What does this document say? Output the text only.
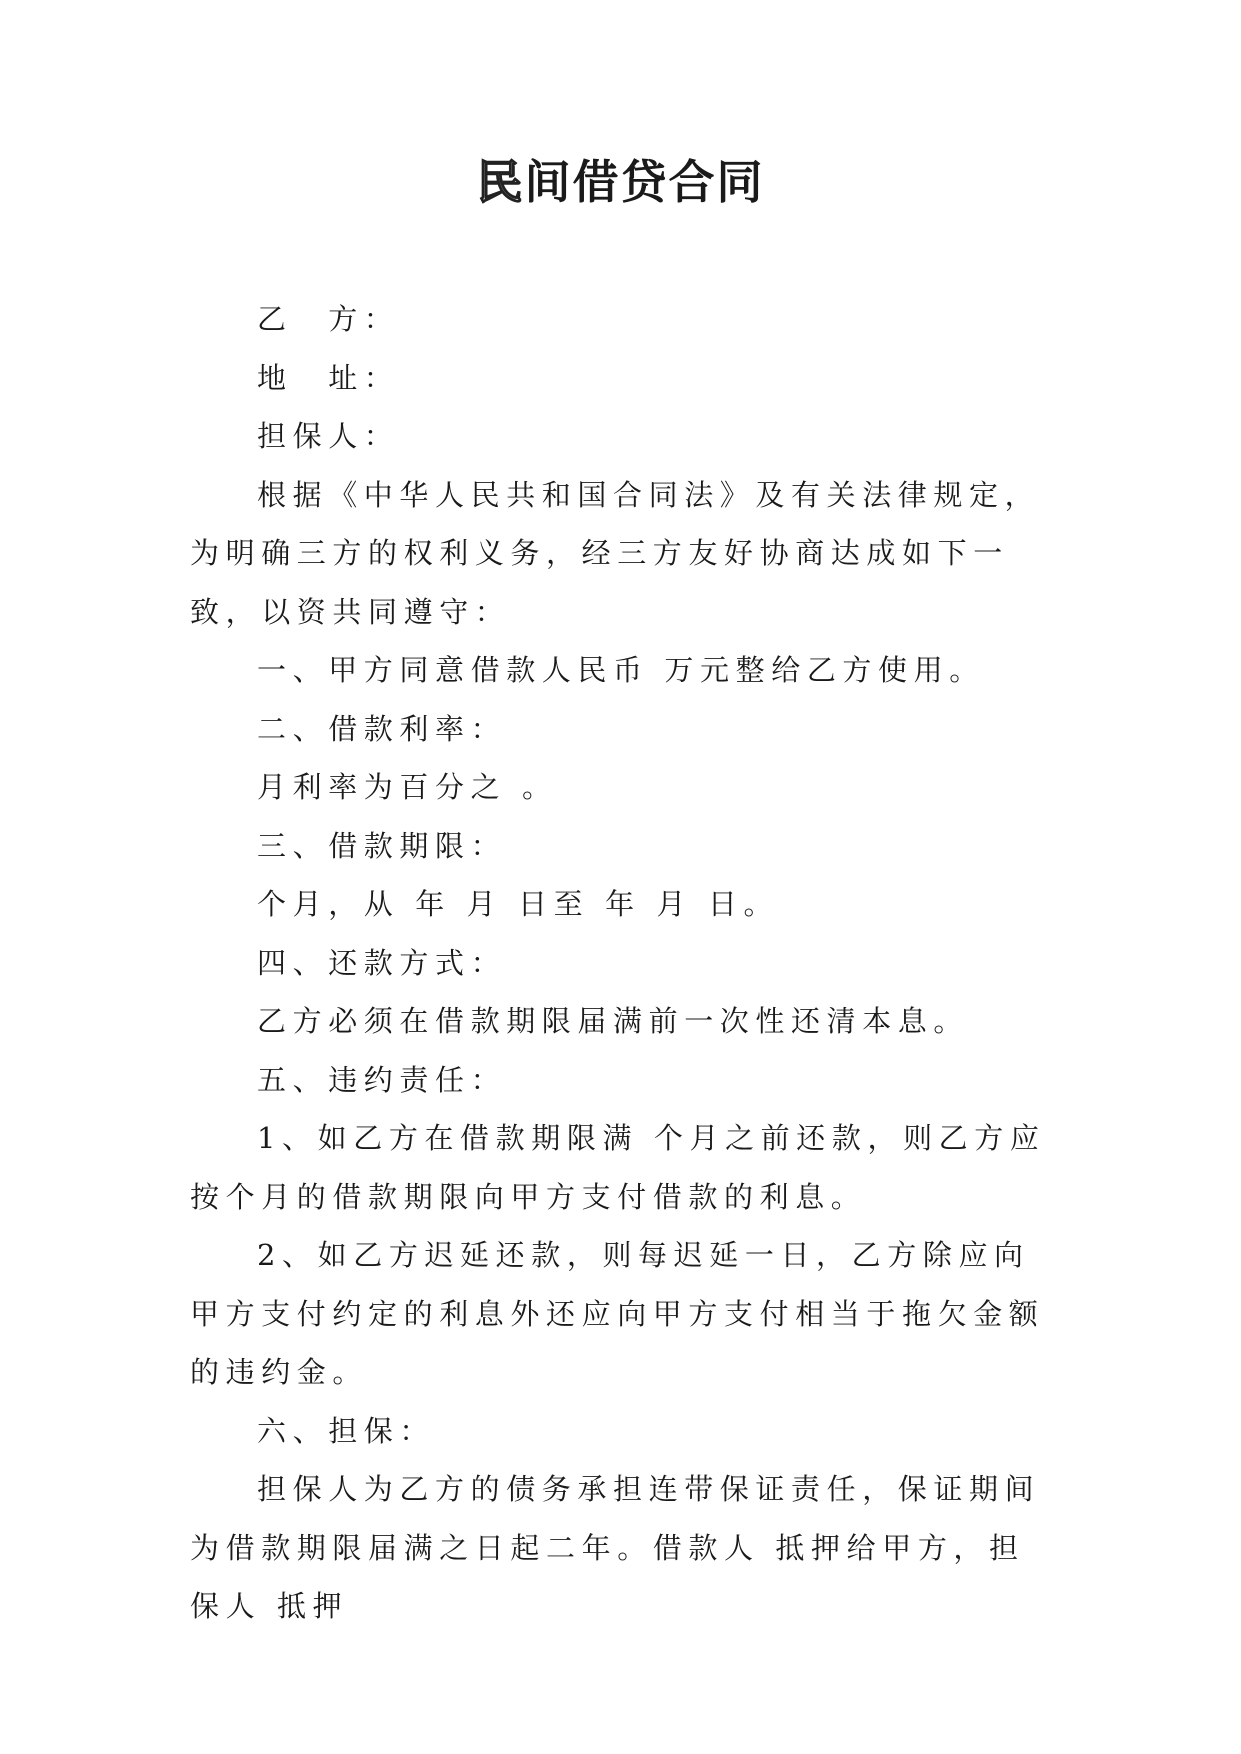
民间借贷合同

乙　方：

地　址：

担保人：

根据《中华人民共和国合同法》及有关法律规定，为明确三方的权利义务，经三方友好协商达成如下一致，以资共同遵守：

一、甲方同意借款人民币 万元整给乙方使用。

二、借款利率：

月利率为百分之 。

三、借款期限：

个月，从 年 月 日至 年 月 日。

四、还款方式：

乙方必须在借款期限届满前一次性还清本息。

五、违约责任：

1、如乙方在借款期限满 个月之前还款，则乙方应按个月的借款期限向甲方支付借款的利息。

2、如乙方迟延还款，则每迟延一日，乙方除应向甲方支付约定的利息外还应向甲方支付相当于拖欠金额 的违约金。

六、担保：

担保人为乙方的债务承担连带保证责任，保证期间为借款期限届满之日起二年。借款人 抵押给甲方，担保人 抵押
